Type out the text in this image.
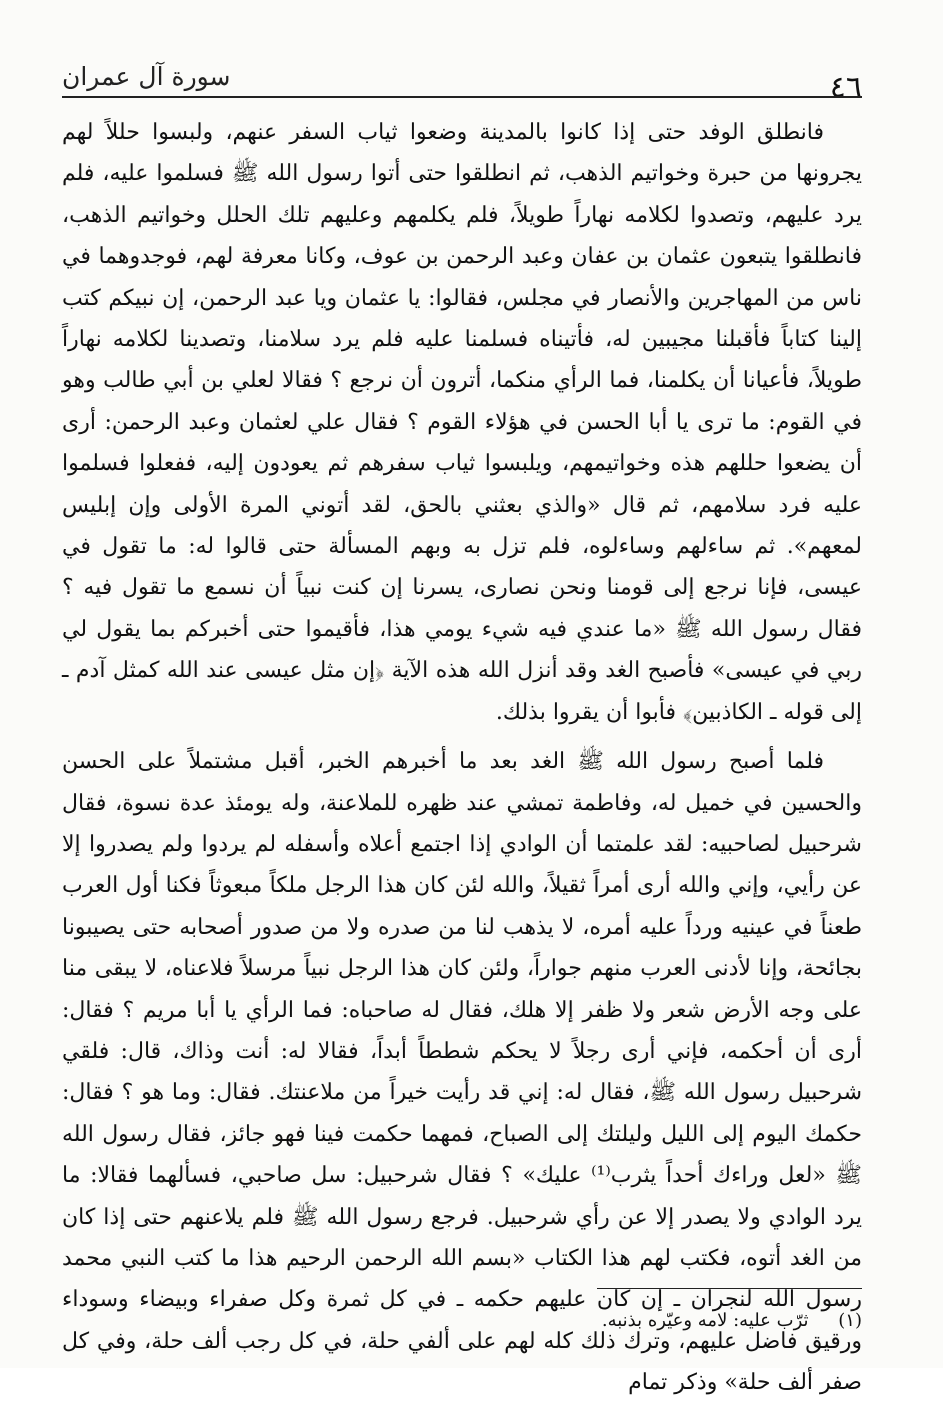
٤٦
سورة آل عمران

فانطلق الوفد حتى إذا كانوا بالمدينة وضعوا ثياب السفر عنهم، ولبسوا حللاً لهم يجرونها من حبرة وخواتيم الذهب، ثم انطلقوا حتى أتوا رسول الله ﷺ فسلموا عليه، فلم يرد عليهم، وتصدوا لكلامه نهاراً طويلاً، فلم يكلمهم وعليهم تلك الحلل وخواتيم الذهب، فانطلقوا يتبعون عثمان بن عفان وعبد الرحمن بن عوف، وكانا معرفة لهم، فوجدوهما في ناس من المهاجرين والأنصار في مجلس، فقالوا: يا عثمان ويا عبد الرحمن، إن نبيكم كتب إلينا كتاباً فأقبلنا مجيبين له، فأتيناه فسلمنا عليه فلم يرد سلامنا، وتصدينا لكلامه نهاراً طويلاً، فأعيانا أن يكلمنا، فما الرأي منكما، أترون أن نرجع ؟ فقالا لعلي بن أبي طالب وهو في القوم: ما ترى يا أبا الحسن في هؤلاء القوم ؟ فقال علي لعثمان وعبد الرحمن: أرى أن يضعوا حللهم هذه وخواتيمهم، ويلبسوا ثياب سفرهم ثم يعودون إليه، ففعلوا فسلموا عليه فرد سلامهم، ثم قال «والذي بعثني بالحق، لقد أتوني المرة الأولى وإن إبليس لمعهم». ثم ساءلهم وساءلوه، فلم تزل به وبهم المسألة حتى قالوا له: ما تقول في عيسى، فإنا نرجع إلى قومنا ونحن نصارى، يسرنا إن كنت نبياً أن نسمع ما تقول فيه ؟ فقال رسول الله ﷺ «ما عندي فيه شيء يومي هذا، فأقيموا حتى أخبركم بما يقول لي ربي في عيسى» فأصبح الغد وقد أنزل الله هذه الآية ﴿إن مثل عيسى عند الله كمثل آدم ـ إلى قوله ـ الكاذبين﴾ فأبوا أن يقروا بذلك.

فلما أصبح رسول الله ﷺ الغد بعد ما أخبرهم الخبر، أقبل مشتملاً على الحسن والحسين في خميل له، وفاطمة تمشي عند ظهره للملاعنة، وله يومئذ عدة نسوة، فقال شرحبيل لصاحبيه: لقد علمتما أن الوادي إذا اجتمع أعلاه وأسفله لم يردوا ولم يصدروا إلا عن رأيي، وإني والله أرى أمراً ثقيلاً، والله لئن كان هذا الرجل ملكاً مبعوثاً فكنا أول العرب طعناً في عينيه ورداً عليه أمره، لا يذهب لنا من صدره ولا من صدور أصحابه حتى يصيبونا بجائحة، وإنا لأدنى العرب منهم جواراً، ولئن كان هذا الرجل نبياً مرسلاً فلاعناه، لا يبقى منا على وجه الأرض شعر ولا ظفر إلا هلك، فقال له صاحباه: فما الرأي يا أبا مريم ؟ فقال: أرى أن أحكمه، فإني أرى رجلاً لا يحكم شططاً أبداً، فقالا له: أنت وذاك، قال: فلقي شرحبيل رسول الله ﷺ، فقال له: إني قد رأيت خيراً من ملاعنتك. فقال: وما هو ؟ فقال: حكمك اليوم إلى الليل وليلتك إلى الصباح، فمهما حكمت فينا فهو جائز، فقال رسول الله ﷺ «لعل وراءك أحداً يثرب⁽¹⁾ عليك» ؟ فقال شرحبيل: سل صاحبي، فسألهما فقالا: ما يرد الوادي ولا يصدر إلا عن رأي شرحبيل. فرجع رسول الله ﷺ فلم يلاعنهم حتى إذا كان من الغد أتوه، فكتب لهم هذا الكتاب «بسم الله الرحمن الرحيم هذا ما كتب النبي محمد رسول الله لنجران ـ إن كان عليهم حكمه ـ في كل ثمرة وكل صفراء وبيضاء وسوداء ورقيق فاضل عليهم، وترك ذلك كله لهم على ألفي حلة، في كل رجب ألف حلة، وفي كل صفر ألف حلة» وذكر تمام

(١) ثرّب عليه: لامه وعيّره بذنبه.
